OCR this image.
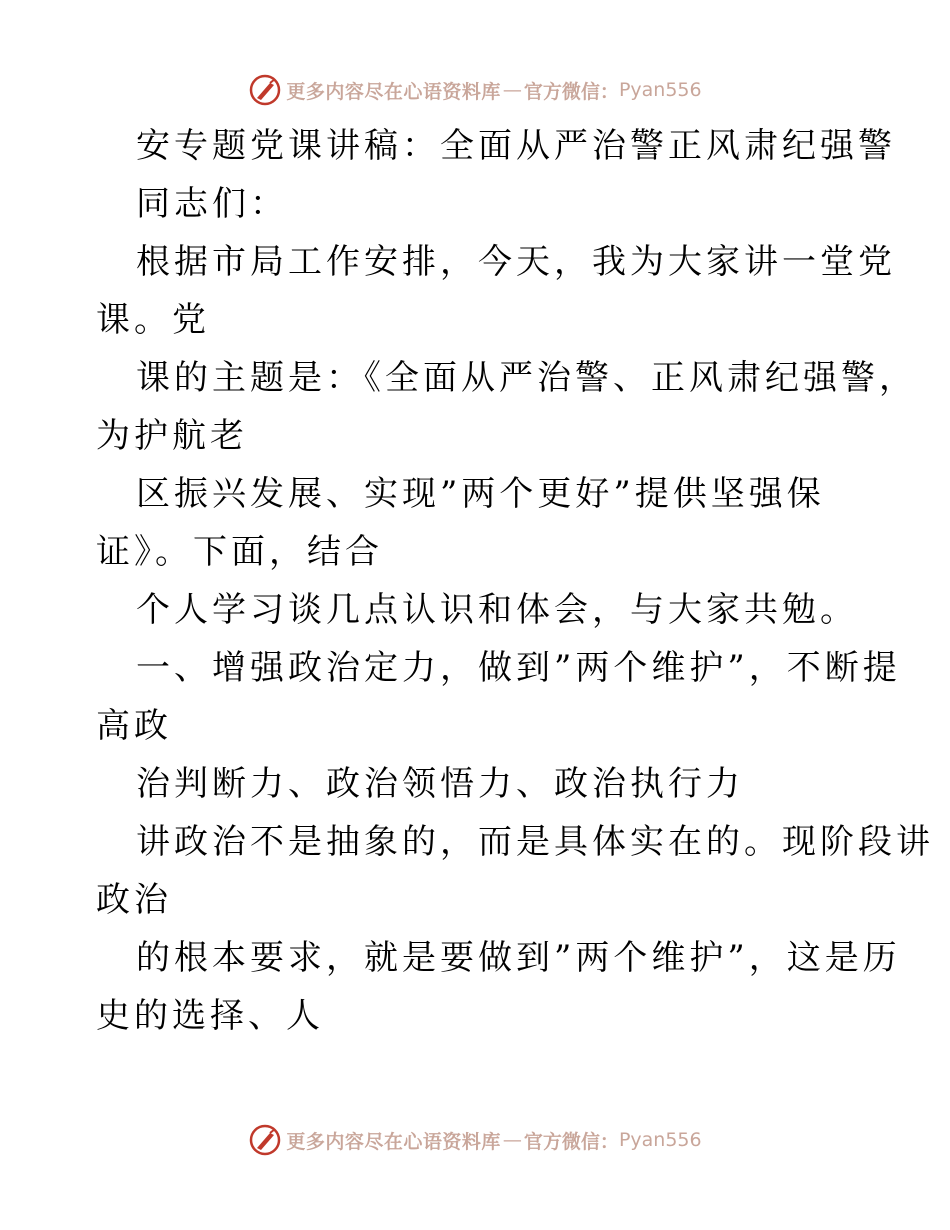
更多内容尽在心语资料库 — 官方微信： Pyan556
安专题党课讲稿：全面从严治警正风肃纪强警
同志们：
根据市局工作安排，今天，我为大家讲一堂党
课。党
课的主题是：《全面从严治警、正风肃纪强警，
为护航老
区振兴发展、实现”两个更好”提供坚强保
证》。下面，结合
个人学习谈几点认识和体会，与大家共勉。
一、增强政治定力，做到”两个维护”，不断提
高政
治判断力、政治领悟力、政治执行力
讲政治不是抽象的，而是具体实在的。现阶段讲
政治
的根本要求，就是要做到”两个维护”，这是历
史的选择、人
更多内容尽在心语资料库 — 官方微信： Pyan556
